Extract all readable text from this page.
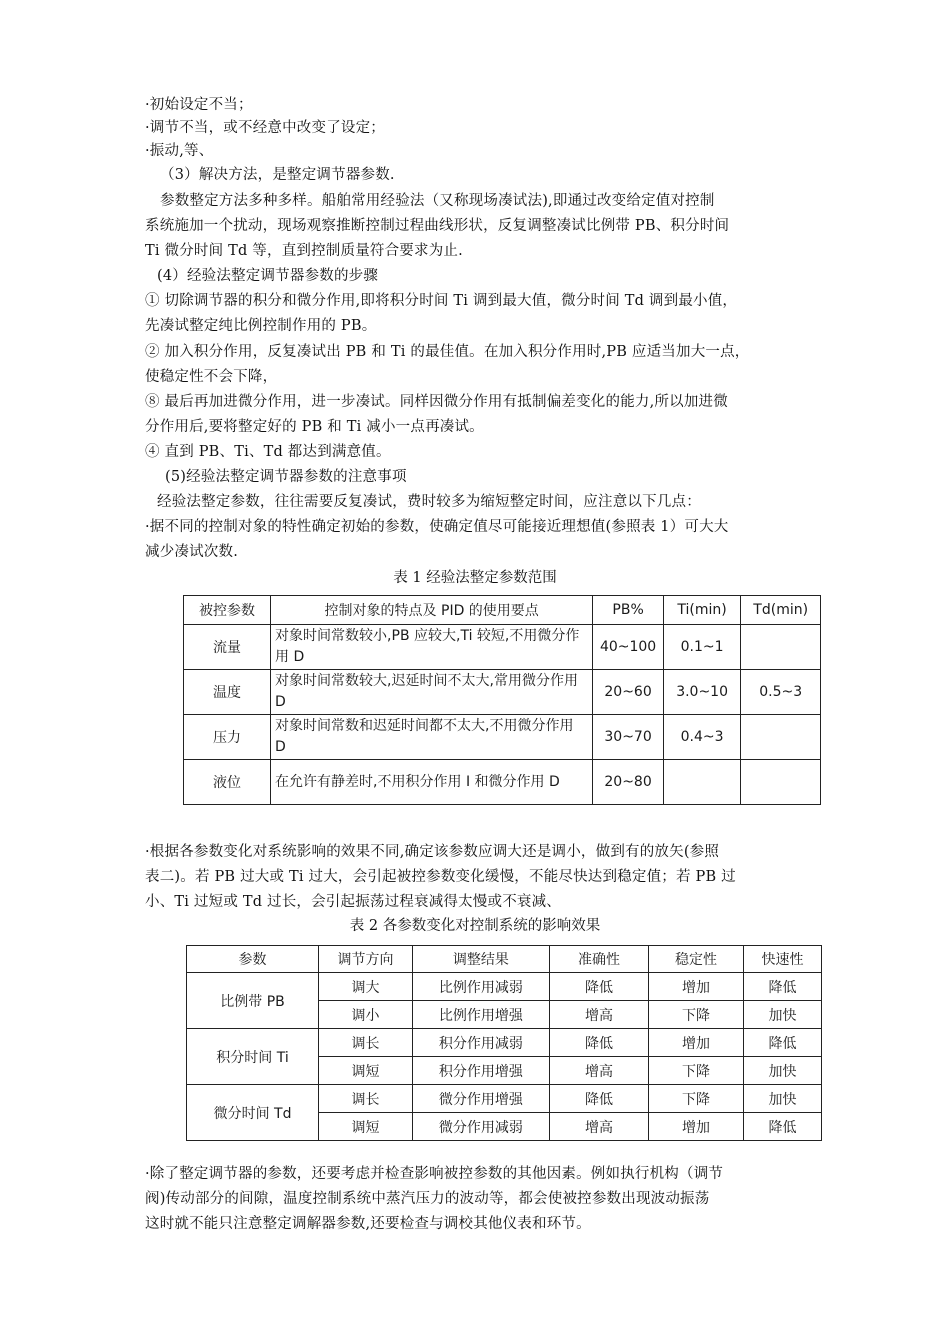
·初始设定不当；
·调节不当，或不经意中改变了设定；
·振动,等、
（3）解决方法，是整定调节器参数.
参数整定方法多种多样。船舶常用经验法（又称现场凑试法),即通过改变给定值对控制
系统施加一个扰动，现场观察推断控制过程曲线形状，反复调整凑试比例带 PB、积分时间
Ti 微分时间 Td 等，直到控制质量符合要求为止.
(4）经验法整定调节器参数的步骤
① 切除调节器的积分和微分作用,即将积分时间 Ti 调到最大值，微分时间 Td 调到最小值，
先凑试整定纯比例控制作用的 PB。
② 加入积分作用，反复凑试出 PB 和 Ti 的最佳值。在加入积分作用时,PB 应适当加大一点，
使稳定性不会下降，
⑧ 最后再加进微分作用，进一步凑试。同样因微分作用有抵制偏差变化的能力,所以加进微
分作用后,要将整定好的 PB 和 Ti 减小一点再凑试。
④ 直到 PB、Ti、Td 都达到满意值。
(5)经验法整定调节器参数的注意事项
经验法整定参数，往往需要反复凑试，费时较多为缩短整定时间，应注意以下几点：
·据不同的控制对象的特性确定初始的参数，使确定值尽可能接近理想值(参照表 1）可大大
减少凑试次数.
表 1 经验法整定参数范围
被控参数	控制对象的特点及 PID 的使用要点	PB%	Ti(min)	Td(min)
流量	对象时间常数较小,PB 应较大,Ti 较短,不用微分作用 D	40~100	0.1~1	
温度	对象时间常数较大,迟延时间不太大,常用微分作用 D	20~60	3.0~10	0.5~3
压力	对象时间常数和迟延时间都不太大,不用微分作用 D	30~70	0.4~3	
液位	在允许有静差时,不用积分作用 I 和微分作用 D	20~80		
·根据各参数变化对系统影响的效果不同,确定该参数应调大还是调小，做到有的放矢(参照
表二)。若 PB 过大或 Ti 过大，会引起被控参数变化缓慢，不能尽快达到稳定值；若 PB 过
小、Ti 过短或 Td 过长，会引起振荡过程衰减得太慢或不衰减、
表 2 各参数变化对控制系统的影响效果
参数	调节方向	调整结果	准确性	稳定性	快速性
比例带 PB	调大	比例作用减弱	降低	增加	降低
	调小	比例作用增强	增高	下降	加快
积分时间 Ti	调长	积分作用减弱	降低	增加	降低
	调短	积分作用增强	增高	下降	加快
微分时间 Td	调长	微分作用增强	降低	下降	加快
	调短	微分作用减弱	增高	增加	降低
·除了整定调节器的参数，还要考虑并检查影响被控参数的其他因素。例如执行机构（调节
阀)传动部分的间隙，温度控制系统中蒸汽压力的波动等，都会使被控参数出现波动振荡
这时就不能只注意整定调解器参数,还要检查与调校其他仪表和环节。
